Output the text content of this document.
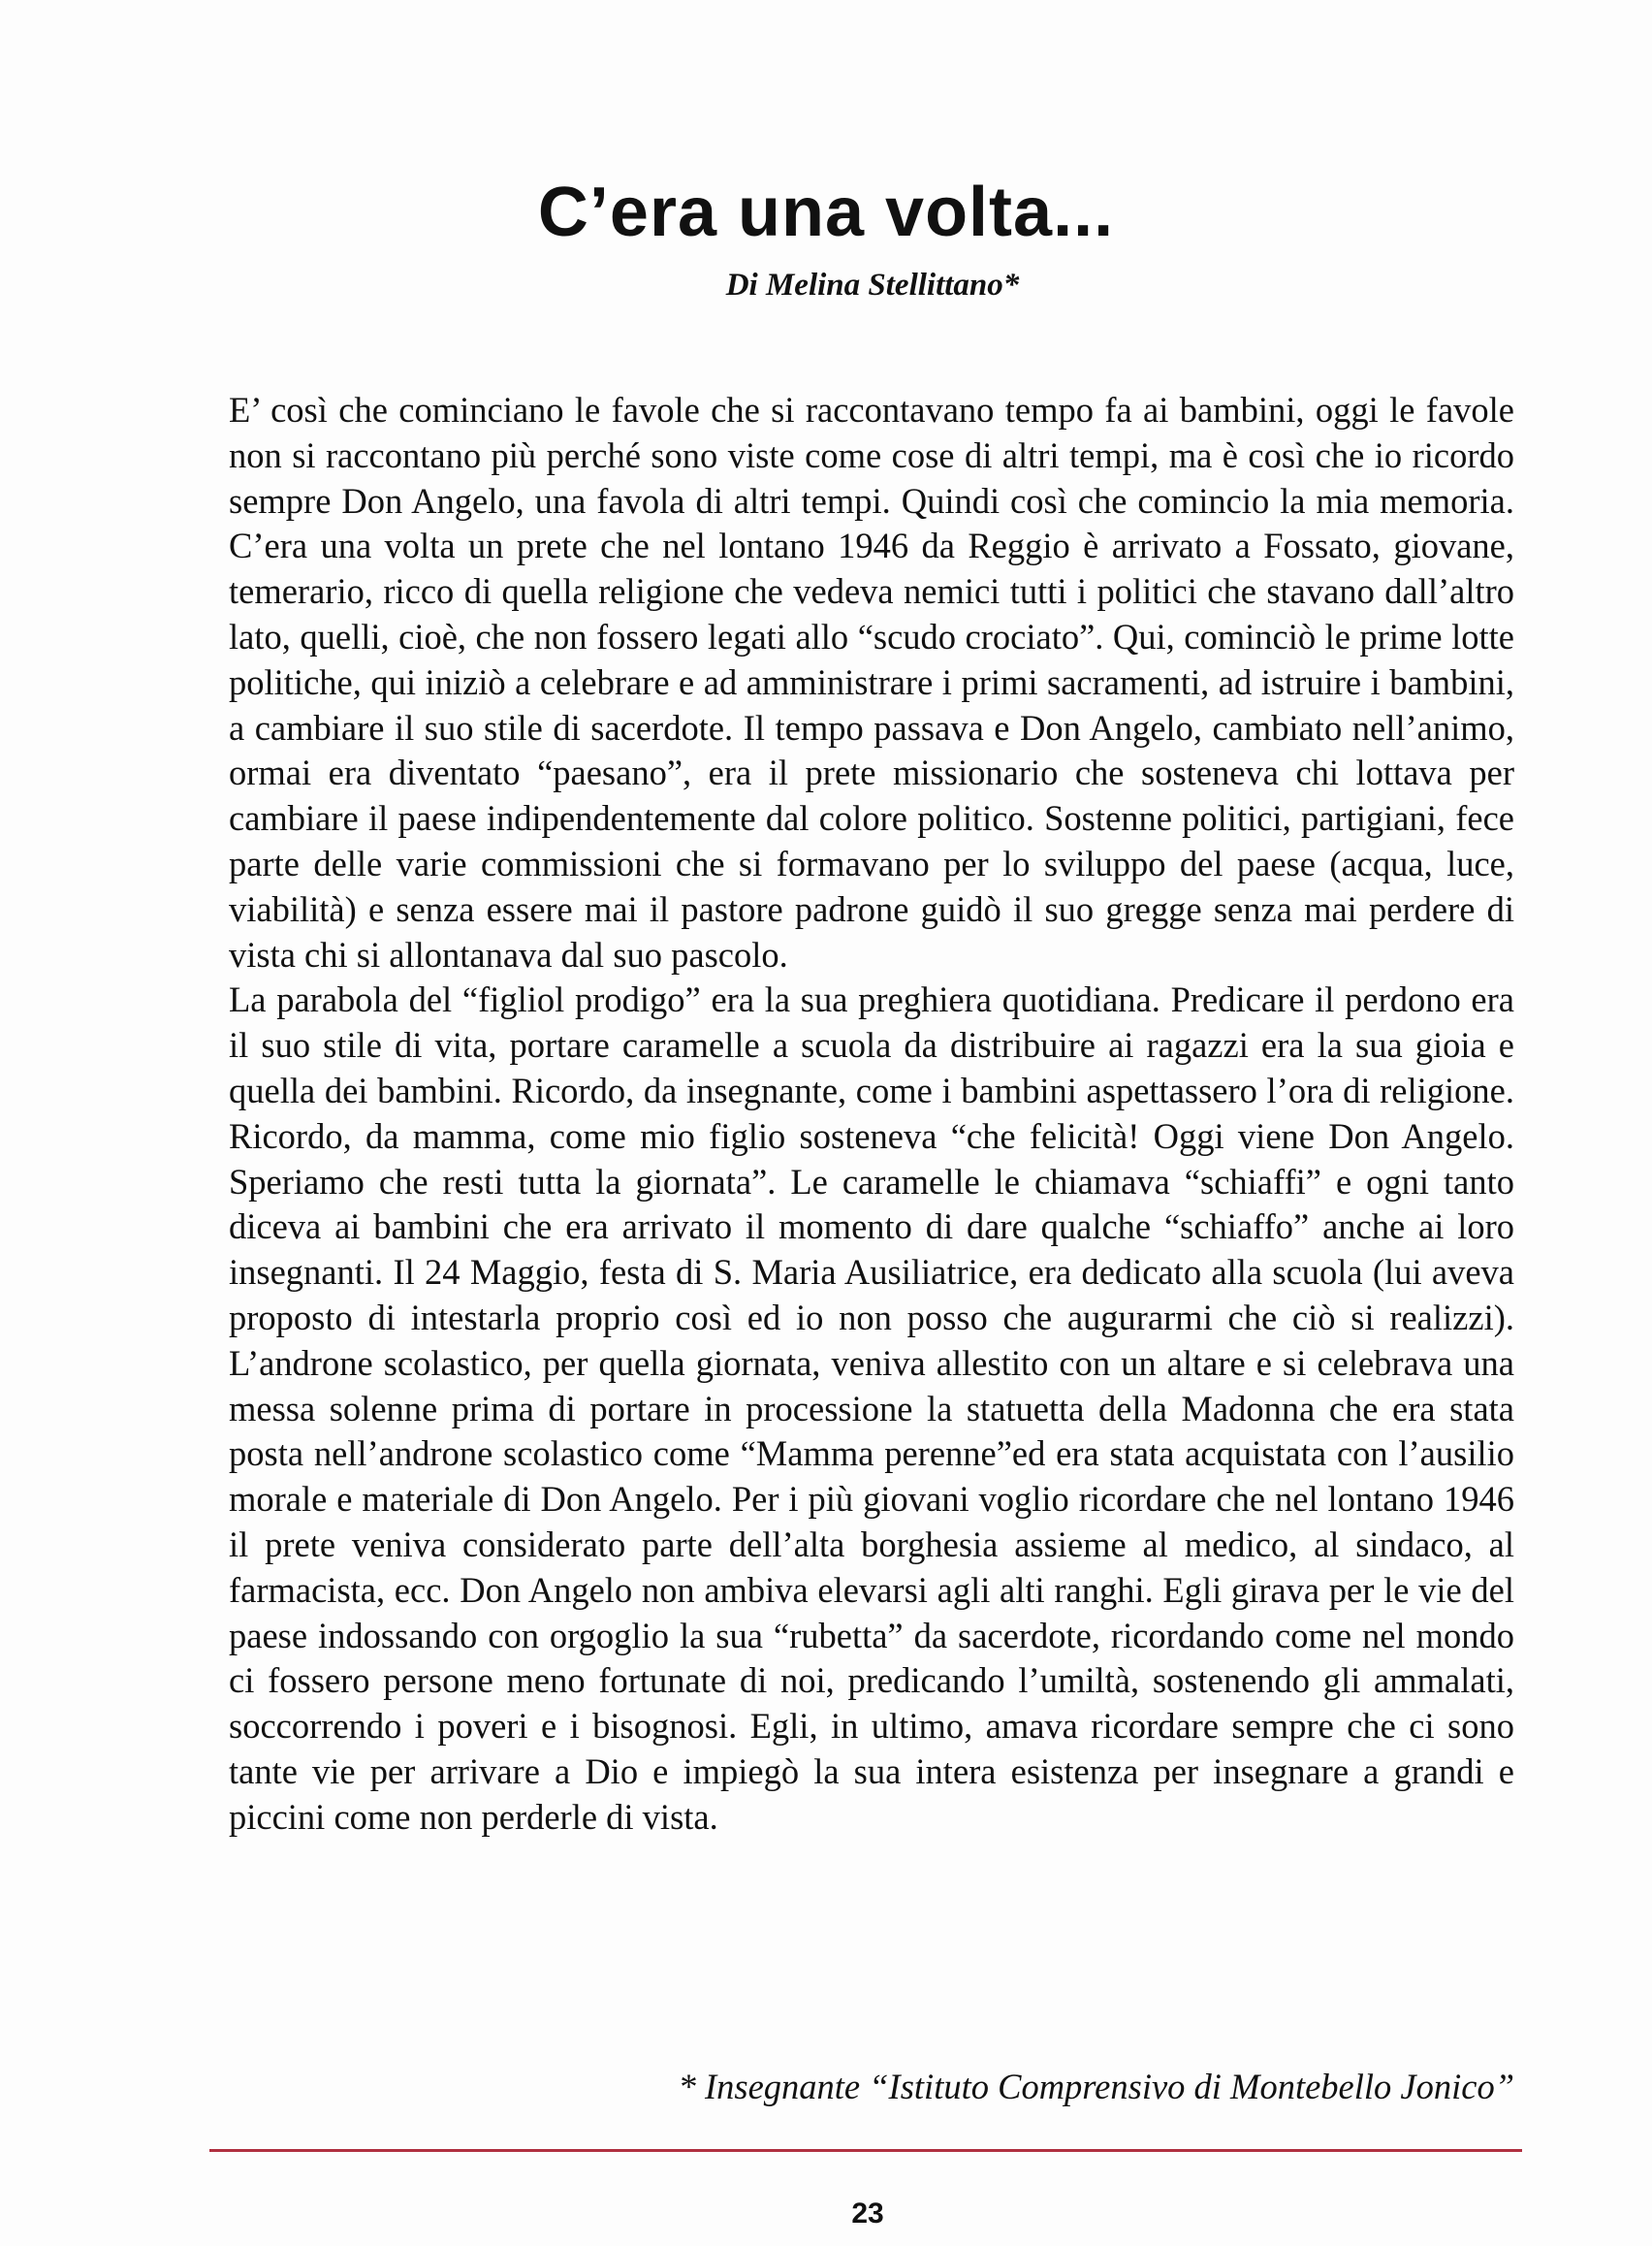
C’era una volta...
Di Melina Stellittano*

E’ così che cominciano le favole che si raccontavano tempo fa ai bambini, oggi le favole non si raccontano più perché sono viste come cose di altri tempi, ma è così che io ricordo sempre Don Angelo, una favola di altri tempi. Quindi così che comincio la mia memoria. C’era una volta un prete che nel lontano 1946 da Reggio è arrivato a Fossato, giovane, temerario, ricco di quella religione che vedeva nemici tutti i politici che stavano dall’altro lato, quelli, cioè, che non fossero legati allo “scudo crociato”. Qui, cominciò le prime lotte politiche, qui iniziò a celebrare e ad amministrare i primi sacramenti, ad istruire i bambini, a cambiare il suo stile di sacerdote. Il tempo passava e Don Angelo, cambiato nell’animo, ormai era diventato “paesano”, era il prete missionario che sosteneva chi lottava per cambiare il paese indipendentemente dal colore politico. Sostenne politici, partigiani, fece parte delle varie commissioni che si formavano per lo sviluppo del paese (acqua, luce, viabilità) e senza essere mai il pastore padrone guidò il suo gregge senza mai perdere di vista chi si allontanava dal suo pascolo.

La parabola del “figliol prodigo” era la sua preghiera quotidiana. Predicare il perdono era il suo stile di vita, portare caramelle a scuola da distribuire ai ragazzi era la sua gioia e quella dei bambini. Ricordo, da insegnante, come i bambini aspettassero l’ora di religione. Ricordo, da mamma, come mio figlio sosteneva “che felicità! Oggi viene Don Angelo. Speriamo che resti tutta la giornata”. Le caramelle le chiamava “schiaffi” e ogni tanto diceva ai bambini che era arrivato il momento di dare qualche “schiaffo” anche ai loro insegnanti. Il 24 Maggio, festa di S. Maria Ausiliatrice, era dedicato alla scuola (lui aveva proposto di intestarla proprio così ed io non posso che augurarmi che ciò si realizzi). L’androne scolastico, per quella giornata, veniva allestito con un altare e si celebrava una messa solenne prima di portare in processione la statuetta della Madonna che era stata posta nell’androne scolastico come “Mamma perenne”ed era stata acquistata con l’ausilio morale e materiale di Don Angelo. Per i più giovani voglio ricordare che nel lontano 1946 il prete veniva considerato parte dell’alta borghesia assieme al medico, al sindaco, al farmacista, ecc. Don Angelo non ambiva elevarsi agli alti ranghi. Egli girava per le vie del paese indossando con orgoglio la sua “rubetta” da sacerdote, ricordando come nel mondo ci fossero persone meno fortunate di noi, predicando l’umiltà, sostenendo gli ammalati, soccorrendo i poveri e i bisognosi. Egli, in ultimo, amava ricordare sempre che ci sono tante vie per arrivare a Dio e impiegò la sua intera esistenza per insegnare a grandi e piccini come non perderle di vista.

* Insegnante “Istituto Comprensivo di Montebello Jonico”
23
